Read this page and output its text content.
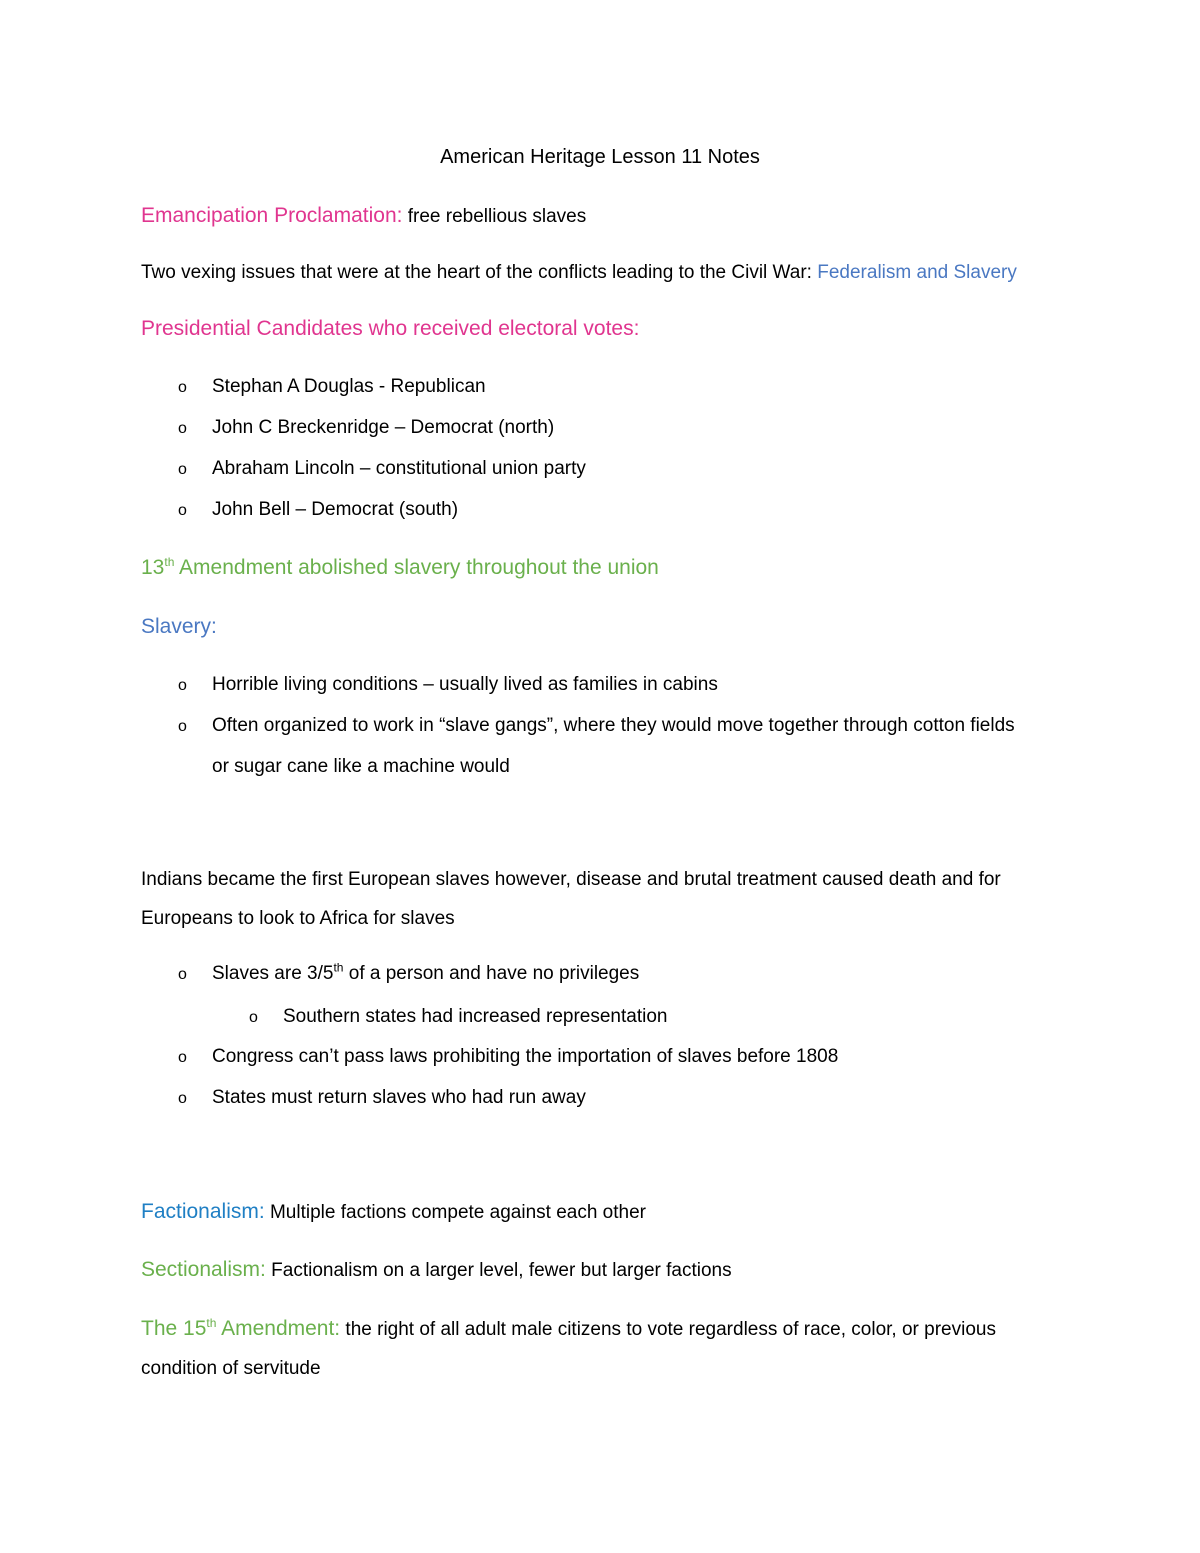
American Heritage Lesson 11 Notes
Emancipation Proclamation: free rebellious slaves
Two vexing issues that were at the heart of the conflicts leading to the Civil War: Federalism and Slavery
Presidential Candidates who received electoral votes:
o Stephan A Douglas - Republican
o John C Breckenridge – Democrat (north)
o Abraham Lincoln – constitutional union party
o John Bell – Democrat (south)
13th Amendment abolished slavery throughout the union
Slavery:
o Horrible living conditions – usually lived as families in cabins
o Often organized to work in “slave gangs”, where they would move together through cotton fields
or sugar cane like a machine would
Indians became the first European slaves however, disease and brutal treatment caused death and for
Europeans to look to Africa for slaves
o Slaves are 3/5th of a person and have no privileges
o Southern states had increased representation
o Congress can’t pass laws prohibiting the importation of slaves before 1808
o States must return slaves who had run away
Factionalism: Multiple factions compete against each other
Sectionalism: Factionalism on a larger level, fewer but larger factions
The 15th Amendment: the right of all adult male citizens to vote regardless of race, color, or previous
condition of servitude
